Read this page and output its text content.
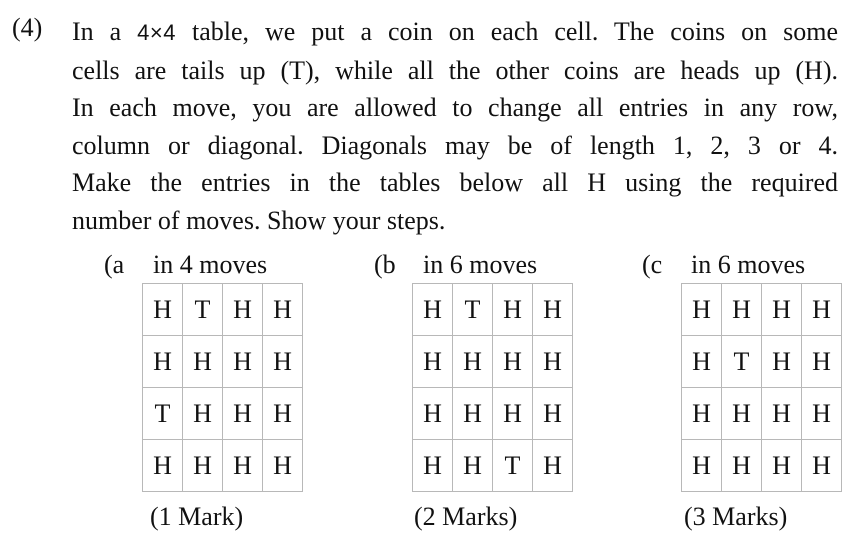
(4) In a 4×4 table, we put a coin on each cell. The coins on some
cells are tails up (T), while all the other coins are heads up (H).
In each move, you are allowed to change all entries in any row,
column or diagonal. Diagonals may be of length 1, 2, 3 or 4.
Make the entries in the tables below all H using the required
number of moves. Show your steps.
(a in 4 moves
H	T	H	H
H	H	H	H
T	H	H	H
H	H	H	H
(1 Mark)
(b in 6 moves
H	T	H	H
H	H	H	H
H	H	H	H
H	H	T	H
(2 Marks)
(c in 6 moves
H	H	H	H
H	T	H	H
H	H	H	H
H	H	H	H
(3 Marks)
